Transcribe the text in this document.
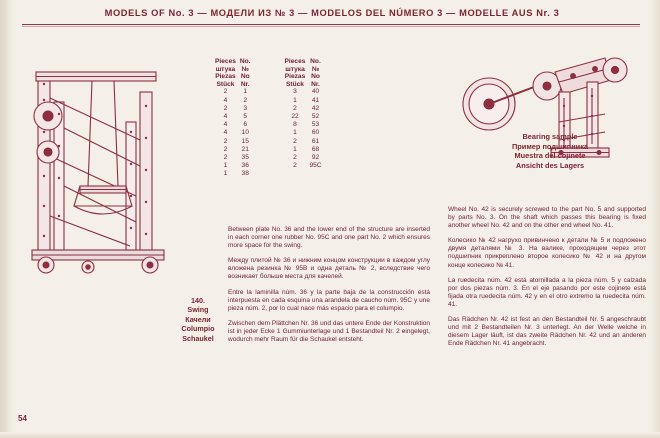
MODELS OF No. 3 — МОДЕЛИ ИЗ № 3 — MODELOS DEL NÚMERO 3 — MODELLE AUS Nr. 3
Pieces
штука
Piezas
Stück

No.
№
No
Nr.

Pieces
штука
Piezas
Stück

No.
№
No
Nr.

2	1		3	40
4	2		1	41
2	3		2	42
4	5		22	52
4	6		8	53
4	10		1	60
2	15		2	61
2	21		1	68
2	35		2	92
1	36		2	95C
1	38			
Bearing sample
Пример подшипника
Muestra del cojinete
Ansicht des Lagers
140.
Swing
Качели
Columpio
Schaukel

Between plate No. 36 and the lower end of the structure are inserted in each corner one rubber No. 95C and one part No. 2 which ensures more space for the swing.

Между плитой № 36 и нижним концом конструкции в каждом углу вложена резинка № 95В и одна деталь № 2, вследствие чего возникает больше места для качелей.

Entre la laminilla núm. 36 y la parte baja de la construcción está interpuesta en cada esquina una arandela de caucho núm. 95C y une pieza núm. 2, por lo cual nace más espacio para el columpio.

Zwischen dem Plättchen Nr. 36 und das untere Ende der Konstruktion ist in jeder Ecke 1 Gummiunterlage und 1 Bestandteil Nr. 2 eingelegt, wodurch mehr Raum für die Schaukel entsteht.

Wheel No. 42 is securely screwed to the part No. 5 and supported by parts No. 3. On the shaft which passes this bearing is fixed another wheel No. 42 and on the other end wheel No. 41.

Колесико № 42 нагрухо привинчено к детали № 5 и подложено двумя деталями № 3. На валике, проходящем через этот подшипник прикреплено второе колесико № 42 и на другом конце колесико № 41.

La ruedecita núm. 42 está atornillada a la pieza núm. 5 y calzada por dos piezas núm. 3. En el eje pasando por este cojinete está fijada otra ruedecita núm. 42 y en el otro extremo la ruedecita núm. 41.

Das Rädchen Nr. 42 ist fest an den Bestandteil Nr. 5 angeschraubt und mit 2 Bestandteilen Nr. 3 unterlegt. An der Welle welche in diesem Lager läuft, ist das zweite Rädchen Nr. 42 und an anderen Ende Rädchen Nr. 41 angebracht.

54
